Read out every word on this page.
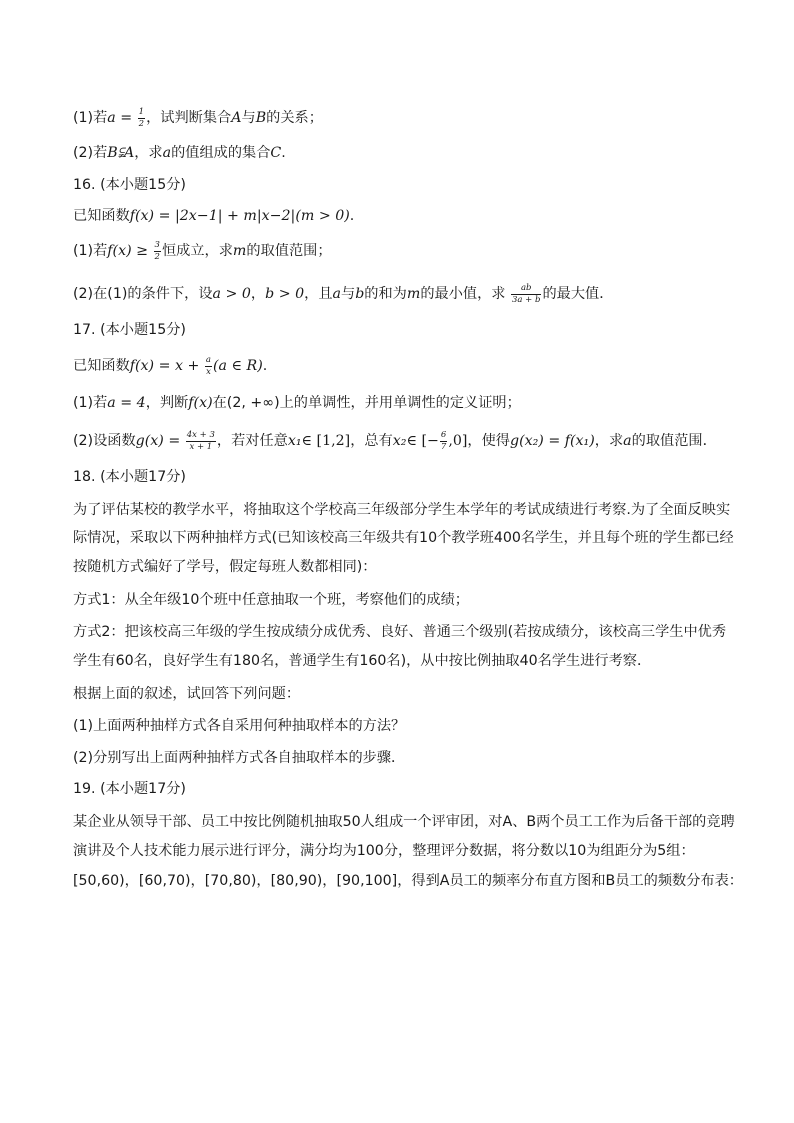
(1)若$a = \frac{1}{2}$ ，试判断集合A与B的关系；
(2)若B⫋A，求a的值组成的集合C.
16. (本小题15分)
已知函数f(x) = |2x−1| + m|x−2|(m > 0).
(1)若$f(x) \ge \frac{3}{2}$ 恒成立，求m的取值范围；
(2)在(1)的条件下，设a > 0，b > 0，且a与b的和为m的最小值，求 $\frac{ab}{3a + b}$ 的最大值．
17. (本小题15分)
已知函数$f(x) = x + \frac{a}{x} (a$ ∈ R).
(1)若a = 4，判断f(x)在(2, +∞)上的单调性，并用单调性的定义证明；
(2)设函数$g(x) = \frac{4x + 3}{x + 1}$ ，若对任意x₁∈ [1,2]，总有x₂∈ [− $\frac{6}{7} ,0$]，使得g(x₂) = f(x₁)，求a的取值范围．
18. (本小题17分)
为了评估某校的教学水平，将抽取这个学校高三年级部分学生本学年的考试成绩进行考察.为了全面反映实
际情况，采取以下两种抽样方式(已知该校高三年级共有10个教学班400名学生，并且每个班的学生都已经
按随机方式编好了学号，假定每班人数都相同)：
方式1：从全年级10个班中任意抽取一个班，考察他们的成绩；
方式2：把该校高三年级的学生按成绩分成优秀、良好、普通三个级别(若按成绩分，该校高三学生中优秀
学生有60名，良好学生有180名，普通学生有160名)，从中按比例抽取40名学生进行考察．
根据上面的叙述，试回答下列问题：
(1)上面两种抽样方式各自采用何种抽取样本的方法？
(2)分别写出上面两种抽样方式各自抽取样本的步骤．
19. (本小题17分)
某企业从领导干部、员工中按比例随机抽取50人组成一个评审团，对A、B两个员工工作为后备干部的竞聘
演讲及个人技术能力展示进行评分，满分均为100分，整理评分数据，将分数以10为组距分为5组：
[50,60)，[60,70)，[70,80)，[80,90)，[90,100]，得到A员工的频率分布直方图和B员工的频数分布表：
